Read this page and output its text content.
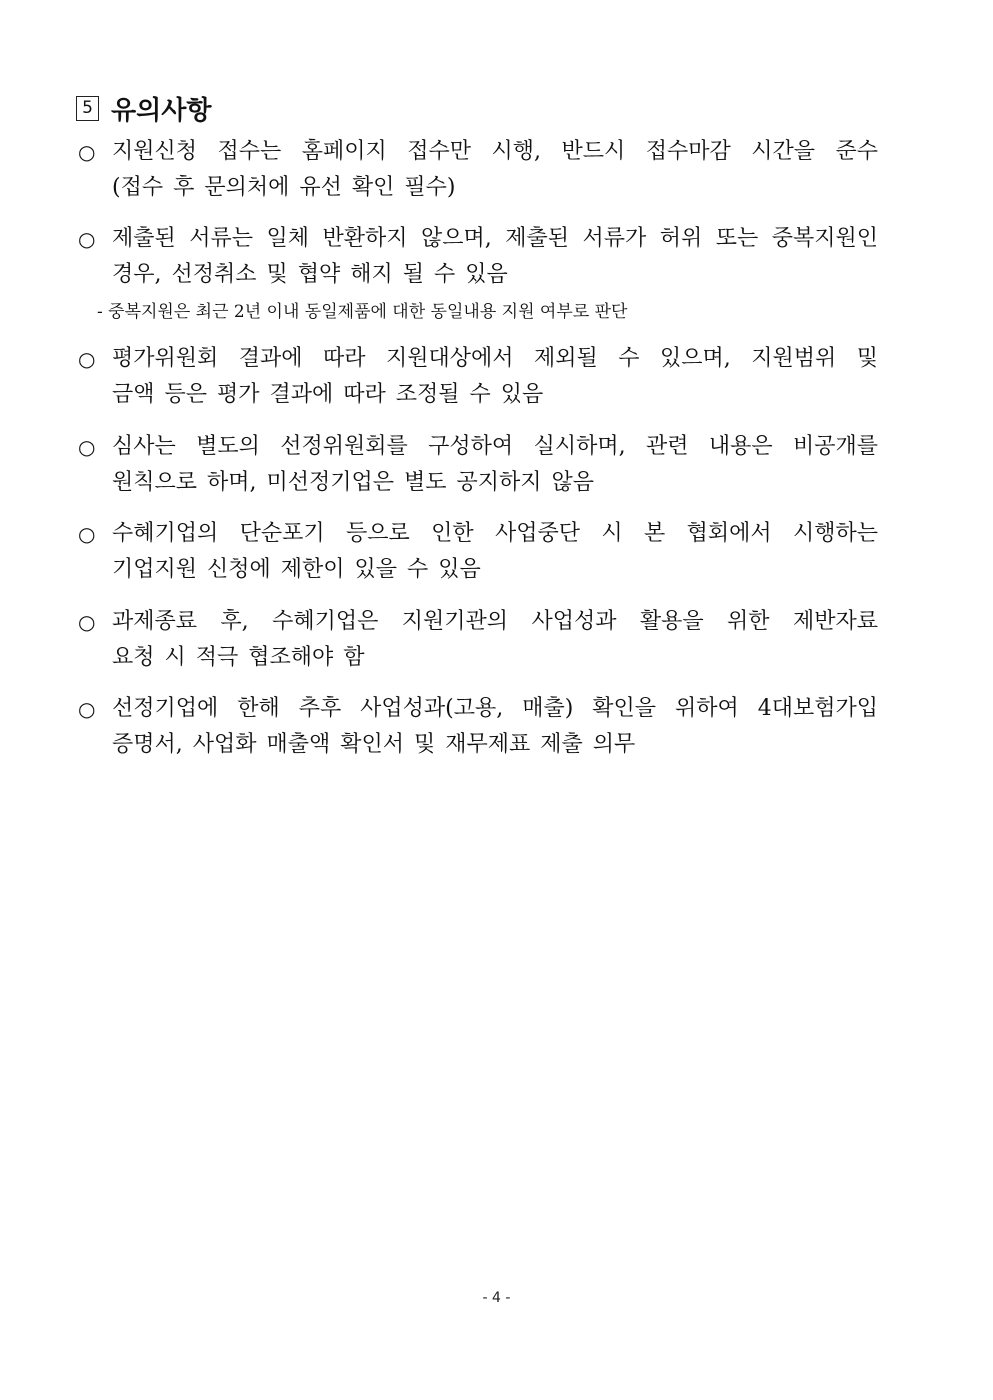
5 유의사항
○ 지원신청 접수는 홈페이지 접수만 시행, 반드시 접수마감 시간을 준수
(접수 후 문의처에 유선 확인 필수)
○ 제출된 서류는 일체 반환하지 않으며, 제출된 서류가 허위 또는 중복지원인
경우, 선정취소 및 협약 해지 될 수 있음
- 중복지원은 최근 2년 이내 동일제품에 대한 동일내용 지원 여부로 판단
○ 평가위원회 결과에 따라 지원대상에서 제외될 수 있으며, 지원범위 및
금액 등은 평가 결과에 따라 조정될 수 있음
○ 심사는 별도의 선정위원회를 구성하여 실시하며, 관련 내용은 비공개를
원칙으로 하며, 미선정기업은 별도 공지하지 않음
○ 수혜기업의 단순포기 등으로 인한 사업중단 시 본 협회에서 시행하는
기업지원 신청에 제한이 있을 수 있음
○ 과제종료 후, 수혜기업은 지원기관의 사업성과 활용을 위한 제반자료
요청 시 적극 협조해야 함
○ 선정기업에 한해 추후 사업성과(고용, 매출) 확인을 위하여 4대보험가입
증명서, 사업화 매출액 확인서 및 재무제표 제출 의무
- 4 -
